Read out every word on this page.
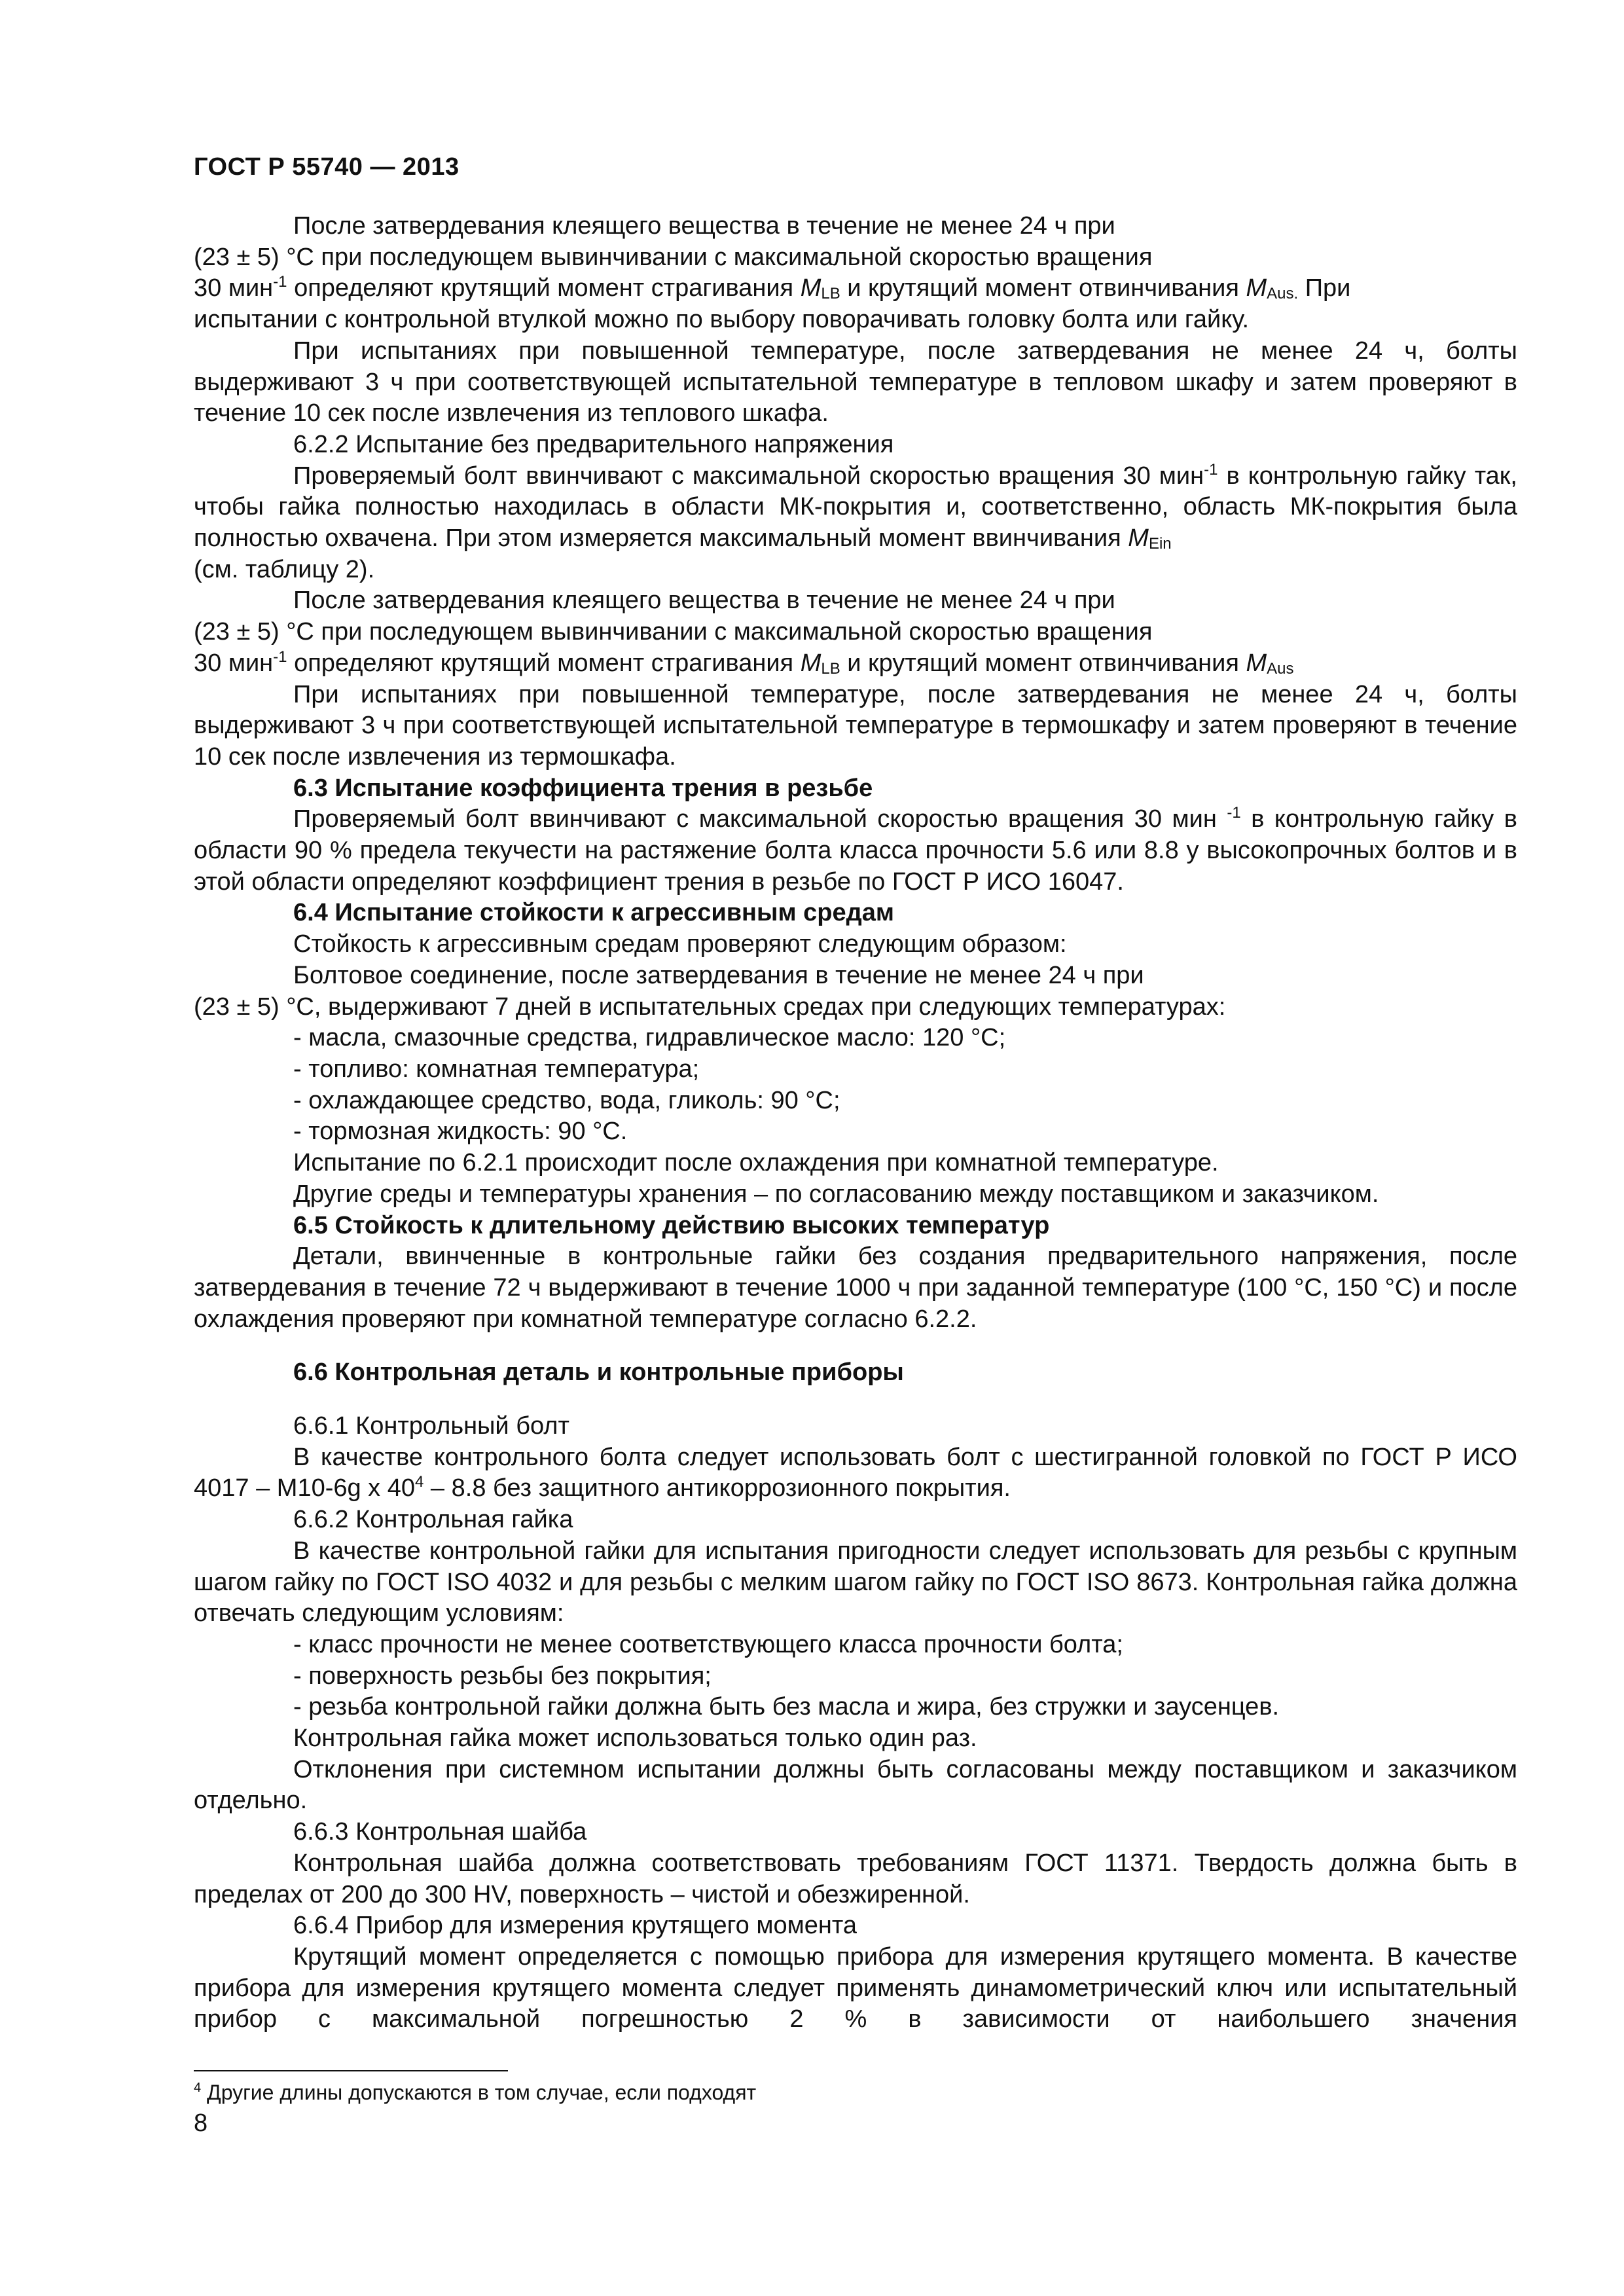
ГОСТ Р 55740 — 2013

После затвердевания клеящего вещества в течение не менее 24 ч при

(23 ± 5) °С при последующем вывинчивании с максимальной скоростью вращения

30 мин$^{-1}$ определяют крутящий момент страгивания $M_{LB}$ и крутящий момент отвинчивания $M_{Aus.}$ При

испытании с контрольной втулкой можно по выбору поворачивать головку болта или гайку.

При испытаниях при повышенной температуре, после затвердевания не менее 24 ч, болты выдерживают 3 ч при соответствующей испытательной температуре в тепловом шкафу и затем проверяют в течение 10 сек после извлечения из теплового шкафа.

6.2.2 Испытание без предварительного напряжения

Проверяемый болт ввинчивают с максимальной скоростью вращения 30 мин$^{-1}$ в контрольную гайку так, чтобы гайка полностью находилась в области МК-покрытия и, соответственно, область МК-покрытия была полностью охвачена. При этом измеряется максимальный момент ввинчивания $M_{Ein}$
(см. таблицу 2).

После затвердевания клеящего вещества в течение не менее 24 ч при

(23 ± 5) °С при последующем вывинчивании с максимальной скоростью вращения

30 мин$^{-1}$ определяют крутящий момент страгивания $M_{LB}$ и крутящий момент отвинчивания $M_{Aus}$

При испытаниях при повышенной температуре, после затвердевания не менее 24 ч, болты выдерживают 3 ч при соответствующей испытательной температуре в термошкафу и затем проверяют в течение 10 сек после извлечения из термошкафа.

6.3 Испытание коэффициента трения в резьбе

Проверяемый болт ввинчивают с максимальной скоростью вращения 30 мин $^{-1}$ в контрольную гайку в области 90 % предела текучести на растяжение болта класса прочности 5.6 или 8.8 у высокопрочных болтов и в этой области определяют коэффициент трения в резьбе по ГОСТ Р ИСО 16047.

6.4 Испытание стойкости к агрессивным средам

Стойкость к агрессивным средам проверяют следующим образом:

Болтовое соединение, после затвердевания в течение не менее 24 ч при

(23 ± 5) °С, выдерживают 7 дней в испытательных средах при следующих температурах:

- масла, смазочные средства, гидравлическое масло: 120 °С;

- топливо: комнатная температура;

- охлаждающее средство, вода, гликоль: 90 °С;

- тормозная жидкость: 90 °С.

Испытание по 6.2.1 происходит после охлаждения при комнатной температуре.

Другие среды и температуры хранения – по согласованию между поставщиком и заказчиком.

6.5 Стойкость к длительному действию высоких температур

Детали, ввинченные в контрольные гайки без создания предварительного напряжения, после затвердевания в течение 72 ч выдерживают в течение 1000 ч при заданной температуре (100 °С, 150 °С) и после охлаждения проверяют при комнатной температуре согласно 6.2.2.

6.6 Контрольная деталь и контрольные приборы

6.6.1 Контрольный болт

В качестве контрольного болта следует использовать болт с шестигранной головкой по ГОСТ Р ИСО 4017 – М10-6g x $40^4 - 8.8$ без защитного антикоррозионного покрытия.

6.6.2 Контрольная гайка

В качестве контрольной гайки для испытания пригодности следует использовать для резьбы с крупным шагом гайку по ГОСТ ISO 4032 и для резьбы с мелким шагом гайку по ГОСТ ISO 8673. Контрольная гайка должна отвечать следующим условиям:

- класс прочности не менее соответствующего класса прочности болта;

- поверхность резьбы без покрытия;

- резьба контрольной гайки должна быть без масла и жира, без стружки и заусенцев.

Контрольная гайка может использоваться только один раз.

Отклонения при системном испытании должны быть согласованы между поставщиком и заказчиком отдельно.

6.6.3 Контрольная шайба

Контрольная шайба должна соответствовать требованиям ГОСТ 11371. Твердость должна быть в пределах от 200 до 300 HV, поверхность – чистой и обезжиренной.

6.6.4 Прибор для измерения крутящего момента

Крутящий момент определяется с помощью прибора для измерения крутящего момента. В качестве прибора для измерения крутящего момента следует применять динамометрический ключ или испытательный прибор с максимальной погрешностью 2 % в зависимости от наибольшего значения

$^4$ Другие длины допускаются в том случае, если подходят
8
